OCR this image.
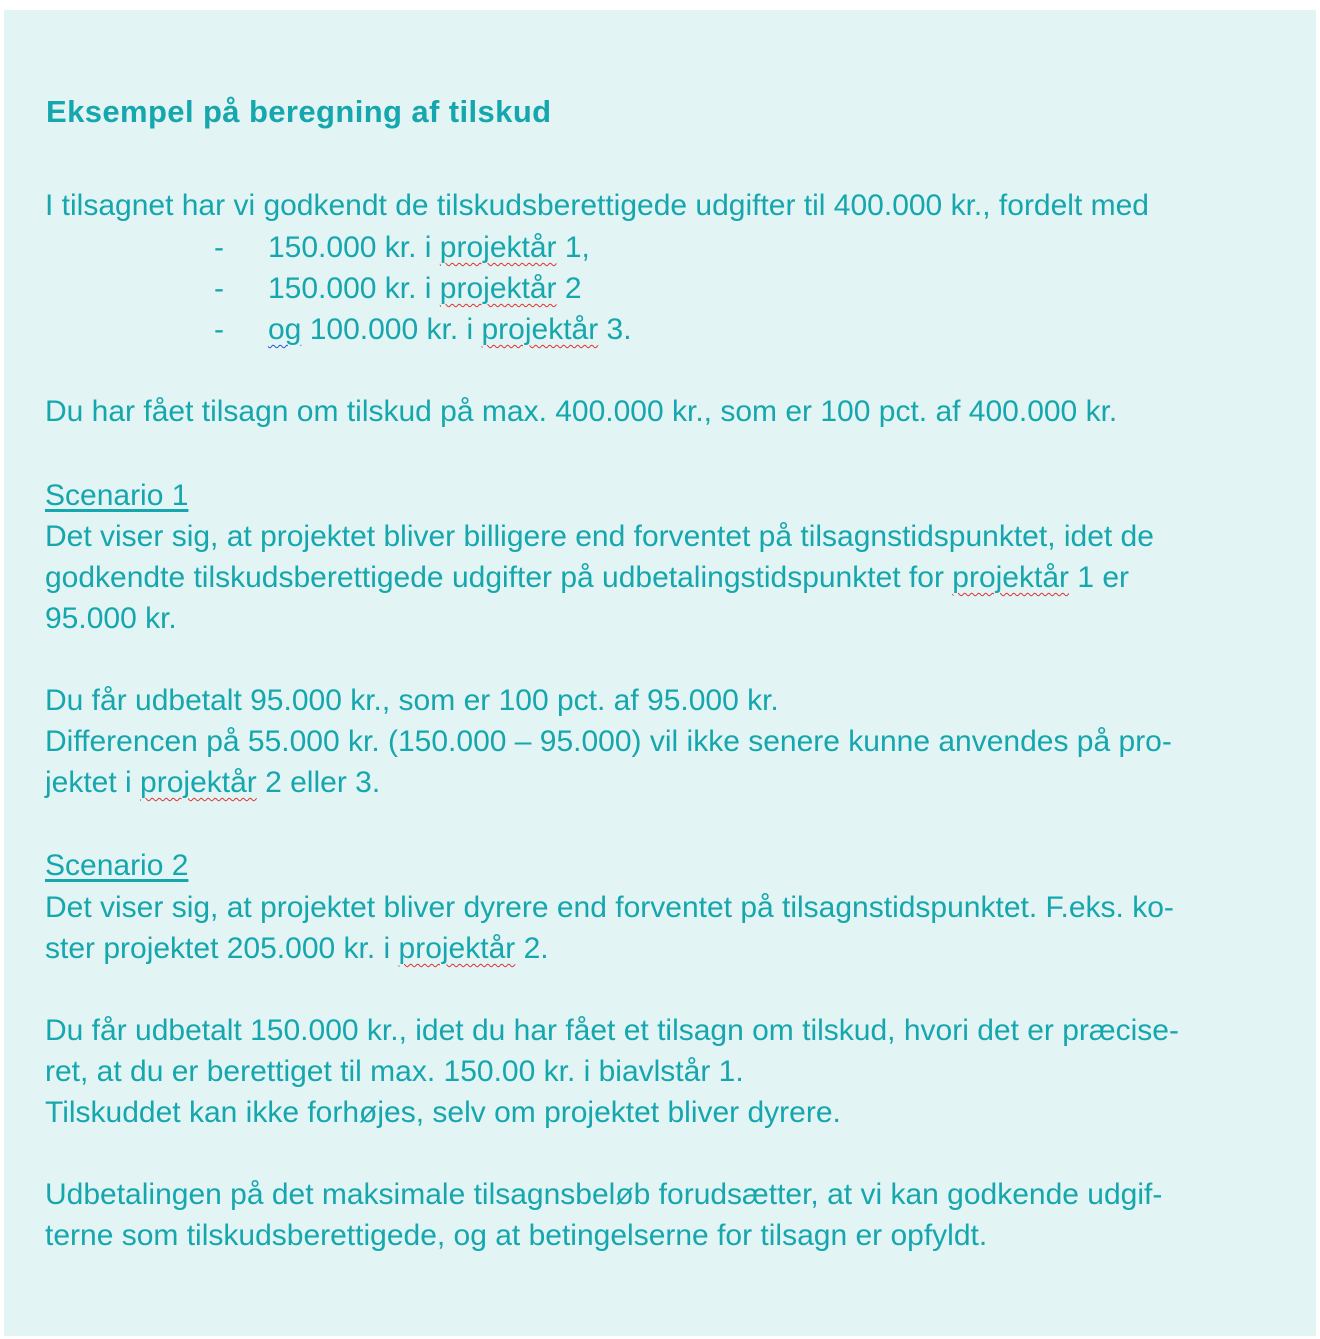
Eksempel på beregning af tilskud
I tilsagnet har vi godkendt de tilskudsberettigede udgifter til 400.000 kr., fordelt med
- 150.000 kr. i projektår 1,
- 150.000 kr. i projektår 2
- og 100.000 kr. i projektår 3.
Du har fået tilsagn om tilskud på max. 400.000 kr., som er 100 pct. af 400.000 kr.
Scenario 1
Det viser sig, at projektet bliver billigere end forventet på tilsagnstidspunktet, idet de
godkendte tilskudsberettigede udgifter på udbetalingstidspunktet for projektår 1 er
95.000 kr.
Du får udbetalt 95.000 kr., som er 100 pct. af 95.000 kr.
Differencen på 55.000 kr. (150.000 – 95.000) vil ikke senere kunne anvendes på pro-
jektet i projektår 2 eller 3.
Scenario 2
Det viser sig, at projektet bliver dyrere end forventet på tilsagnstidspunktet. F.eks. ko-
ster projektet 205.000 kr. i projektår 2.
Du får udbetalt 150.000 kr., idet du har fået et tilsagn om tilskud, hvori det er præcise-
ret, at du er berettiget til max. 150.00 kr. i biavlstår 1.
Tilskuddet kan ikke forhøjes, selv om projektet bliver dyrere.
Udbetalingen på det maksimale tilsagnsbeløb forudsætter, at vi kan godkende udgif-
terne som tilskudsberettigede, og at betingelserne for tilsagn er opfyldt.
